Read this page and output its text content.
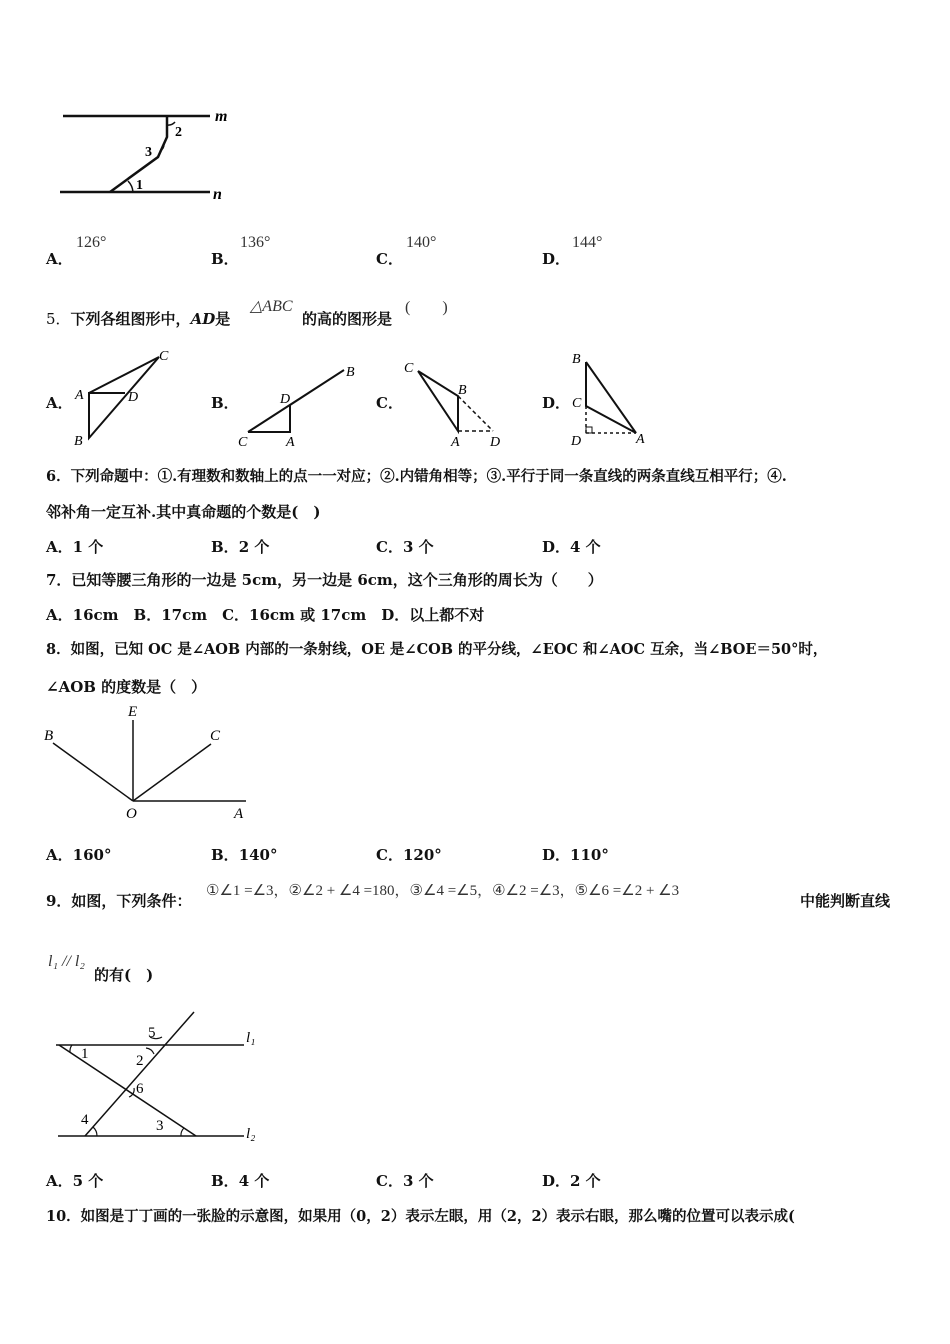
m
n
1
2
3
A．
126°
B．
136°
C．
140°
D．
144°
5．下列各组图形中，AD是
△ABC
的高的图形是
(　　)
A．
C
A	D
B
B．
C	A
D
B
C．
C
B
A D
D．
B
C
D	A
6．下列命题中：①.有理数和数轴上的点一一对应；②.内错角相等；③.平行于同一条直线的两条直线互相平行；④.
邻补角一定互补.其中真命题的个数是(　)
A．1 个	B．2 个	C．3 个	D．4 个
7．已知等腰三角形的一边是 5cm，另一边是 6cm，这个三角形的周长为（　　）
A．16cm　B．17cm　C．16cm 或 17cm　D．以上都不对
8．如图，已知 OC 是∠AOB 内部的一条射线，OE 是∠COB 的平分线，∠EOC 和∠AOC 互余，当∠BOE＝50°时，
∠AOB 的度数是（　）
B
E
C
O	A
A．160°	B．140°	C．120°	D．110°
9．如图，下列条件：
①∠1 =∠3，②∠2 + ∠4 =180，③∠4 =∠5，④∠2 =∠3，⑤∠6 =∠2 + ∠3
中能判断直线
l₁ // l₂
的有(　)
l₁
l₂
1	2
3
4
5
6
A．5 个	B．4 个	C．3 个	D．2 个
10．如图是丁丁画的一张脸的示意图，如果用（0，2）表示左眼，用（2，2）表示右眼，那么嘴的位置可以表示成(
